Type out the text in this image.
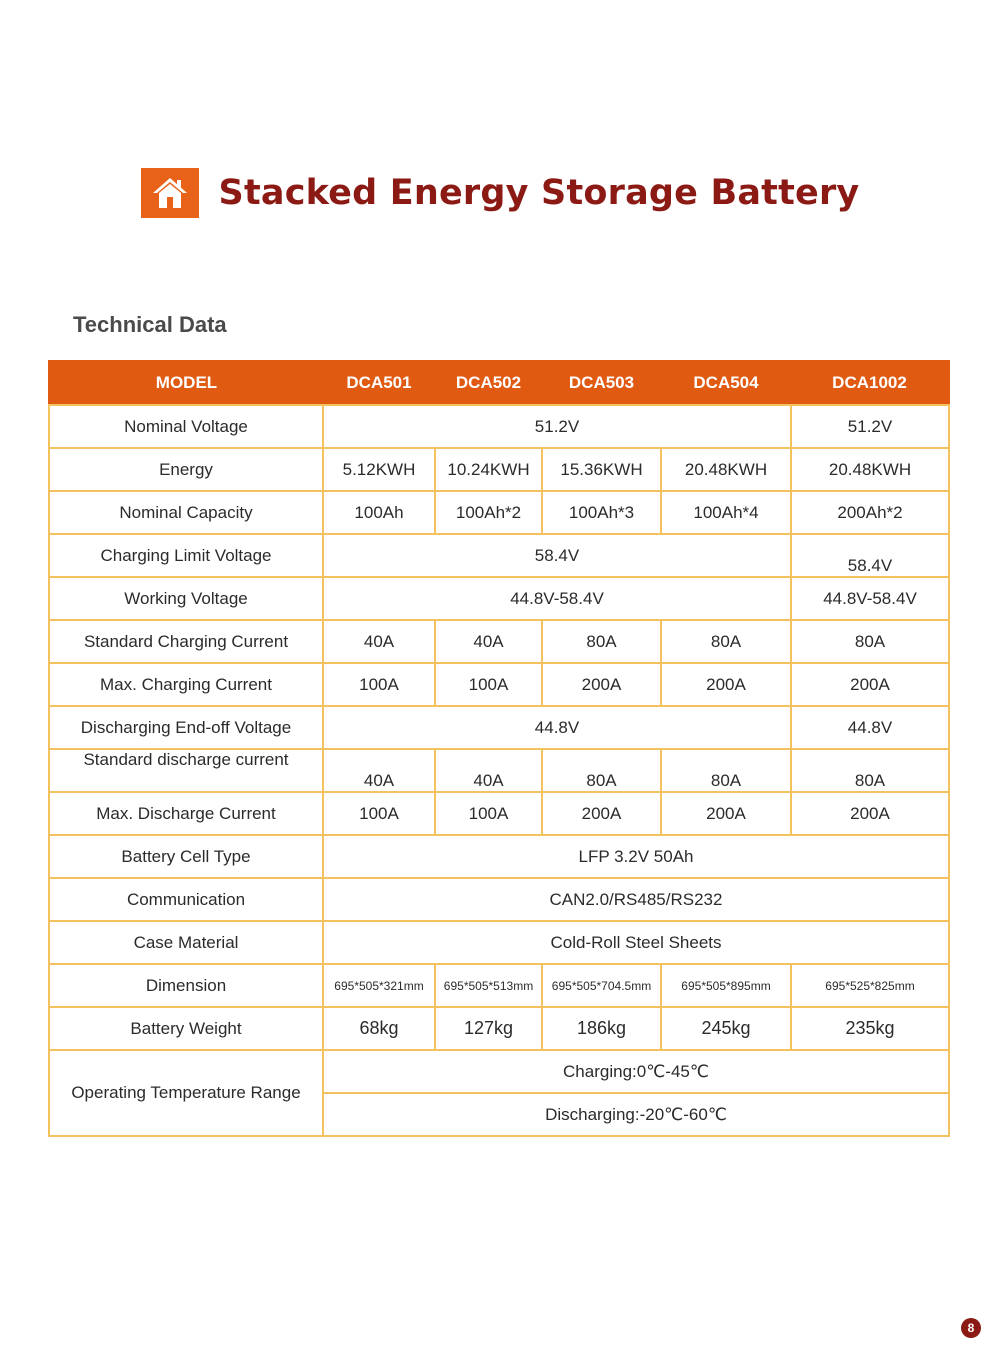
Stacked Energy Storage Battery
Technical Data
MODEL	DCA501	DCA502	DCA503	DCA504	DCA1002
Nominal Voltage	51.2V				51.2V
Energy	5.12KWH	10.24KWH	15.36KWH	20.48KWH	20.48KWH
Nominal Capacity	100Ah	100Ah*2	100Ah*3	100Ah*4	200Ah*2
Charging Limit Voltage	58.4V				58.4V
Working Voltage	44.8V-58.4V				44.8V-58.4V
Standard Charging Current	40A	40A	80A	80A	80A
Max. Charging Current	100A	100A	200A	200A	200A
Discharging End-off Voltage	44.8V				44.8V
Standard discharge current	40A	40A	80A	80A	80A
Max. Discharge Current	100A	100A	200A	200A	200A
Battery Cell Type	LFP 3.2V 50Ah				
Communication	CAN2.0/RS485/RS232				
Case Material	Cold-Roll Steel Sheets				
Dimension	695*505*321mm	695*505*513mm	695*505*704.5mm	695*505*895mm	695*525*825mm
Battery Weight	68kg	127kg	186kg	245kg	235kg
Operating Temperature Range	Charging:0℃-45℃				
	Discharging:-20℃-60℃				
8
